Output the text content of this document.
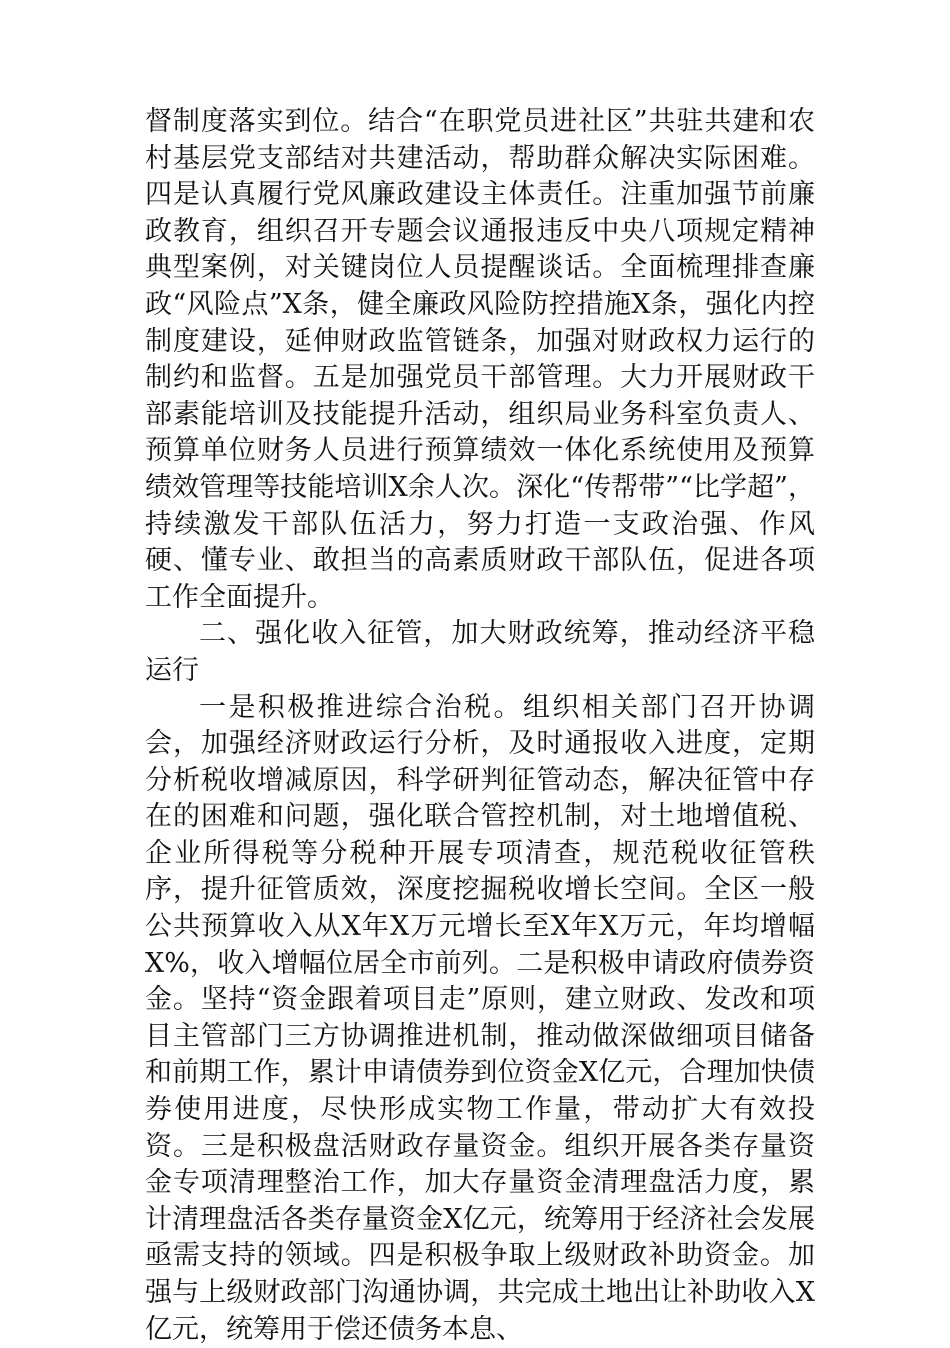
督制度落实到位。结合“在职党员进社区”共驻共建和农村基层党支部结对共建活动，帮助群众解决实际困难。四是认真履行党风廉政建设主体责任。注重加强节前廉政教育，组织召开专题会议通报违反中央八项规定精神典型案例，对关键岗位人员提醒谈话。全面梳理排查廉政“风险点”X条，健全廉政风险防控措施X条，强化内控制度建设，延伸财政监管链条，加强对财政权力运行的制约和监督。五是加强党员干部管理。大力开展财政干部素能培训及技能提升活动，组织局业务科室负责人、预算单位财务人员进行预算绩效一体化系统使用及预算绩效管理等技能培训X余人次。深化“传帮带”“比学超”，持续激发干部队伍活力，努力打造一支政治强、作风硬、懂专业、敢担当的高素质财政干部队伍，促进各项工作全面提升。

二、强化收入征管，加大财政统筹，推动经济平稳运行

一是积极推进综合治税。组织相关部门召开协调会，加强经济财政运行分析，及时通报收入进度，定期分析税收增减原因，科学研判征管动态，解决征管中存在的困难和问题，强化联合管控机制，对土地增值税、企业所得税等分税种开展专项清查，规范税收征管秩序，提升征管质效，深度挖掘税收增长空间。全区一般公共预算收入从X年X万元增长至X年X万元，年均增幅X%，收入增幅位居全市前列。二是积极申请政府债券资金。坚持“资金跟着项目走”原则，建立财政、发改和项目主管部门三方协调推进机制，推动做深做细项目储备和前期工作，累计申请债券到位资金X亿元，合理加快债券使用进度，尽快形成实物工作量，带动扩大有效投资。三是积极盘活财政存量资金。组织开展各类存量资金专项清理整治工作，加大存量资金清理盘活力度，累计清理盘活各类存量资金X亿元，统筹用于经济社会发展亟需支持的领域。四是积极争取上级财政补助资金。加强与上级财政部门沟通协调，共完成土地出让补助收入X亿元，统筹用于偿还债务本息、
